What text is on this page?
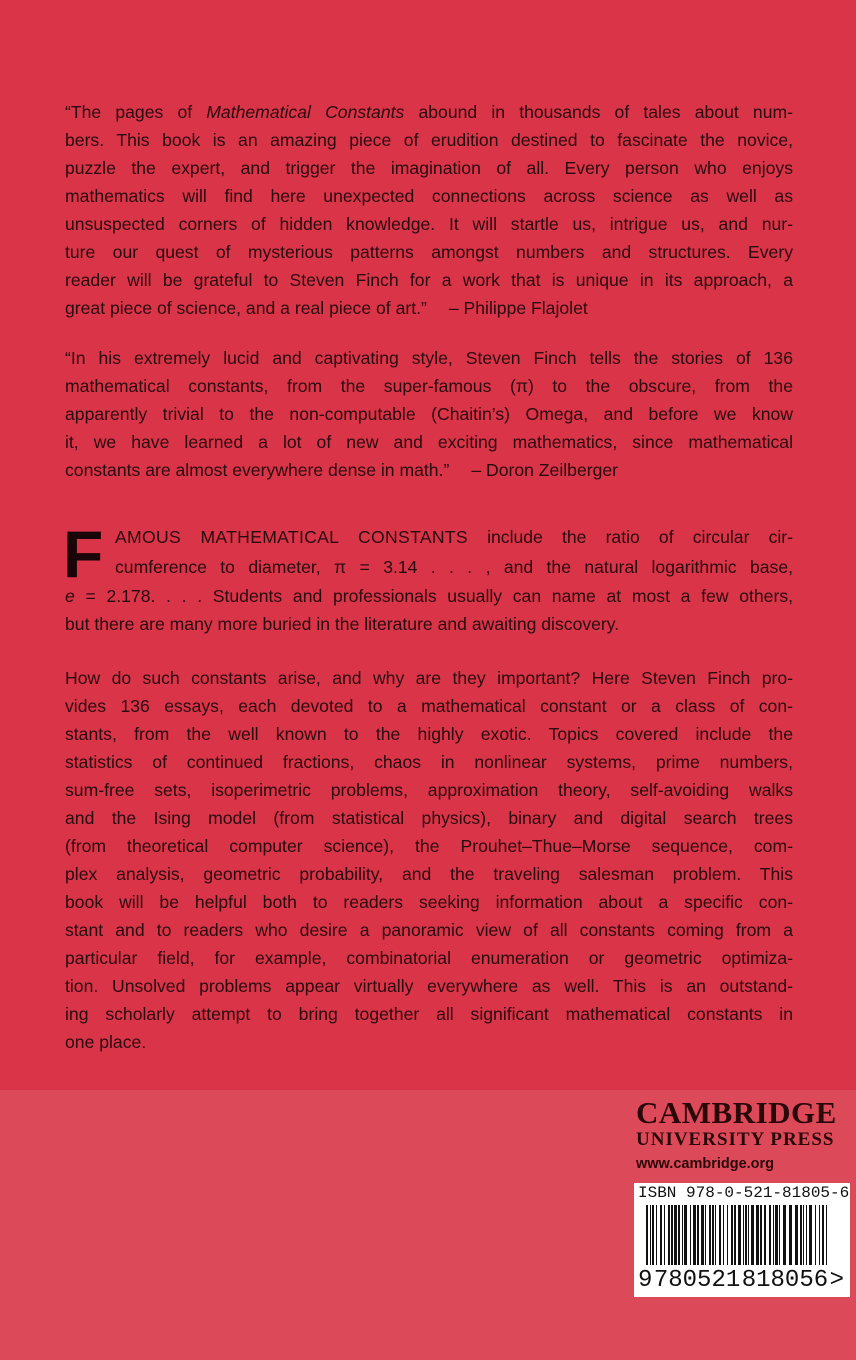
“The pages of Mathematical Constants abound in thousands of tales about num-
bers. This book is an amazing piece of erudition destined to fascinate the novice,
puzzle the expert, and trigger the imagination of all. Every person who enjoys
mathematics will find here unexpected connections across science as well as
unsuspected corners of hidden knowledge. It will startle us, intrigue us, and nur-
ture our quest of mysterious patterns amongst numbers and structures. Every
reader will be grateful to Steven Finch for a work that is unique in its approach, a
great piece of science, and a real piece of art.” – Philippe Flajolet
“In his extremely lucid and captivating style, Steven Finch tells the stories of 136
mathematical constants, from the super-famous (π) to the obscure, from the
apparently trivial to the non-computable (Chaitin’s) Omega, and before we know
it, we have learned a lot of new and exciting mathematics, since mathematical
constants are almost everywhere dense in math.” – Doron Zeilberger
F AMOUS MATHEMATICAL CONSTANTS include the ratio of circular cir-
cumference to diameter, π = 3.14 . . . , and the natural logarithmic base,
e = 2.178. . . . Students and professionals usually can name at most a few others,
but there are many more buried in the literature and awaiting discovery.
How do such constants arise, and why are they important? Here Steven Finch pro-
vides 136 essays, each devoted to a mathematical constant or a class of con-
stants, from the well known to the highly exotic. Topics covered include the
statistics of continued fractions, chaos in nonlinear systems, prime numbers,
sum-free sets, isoperimetric problems, approximation theory, self-avoiding walks
and the Ising model (from statistical physics), binary and digital search trees
(from theoretical computer science), the Prouhet–Thue–Morse sequence, com-
plex analysis, geometric probability, and the traveling salesman problem. This
book will be helpful both to readers seeking information about a specific con-
stant and to readers who desire a panoramic view of all constants coming from a
particular field, for example, combinatorial enumeration or geometric optimiza-
tion. Unsolved problems appear virtually everywhere as well. This is an outstand-
ing scholarly attempt to bring together all significant mathematical constants in
one place.
CAMBRIDGE
UNIVERSITY PRESS
www.cambridge.org
ISBN 978-0-521-81805-6
9 780521 818056 >
